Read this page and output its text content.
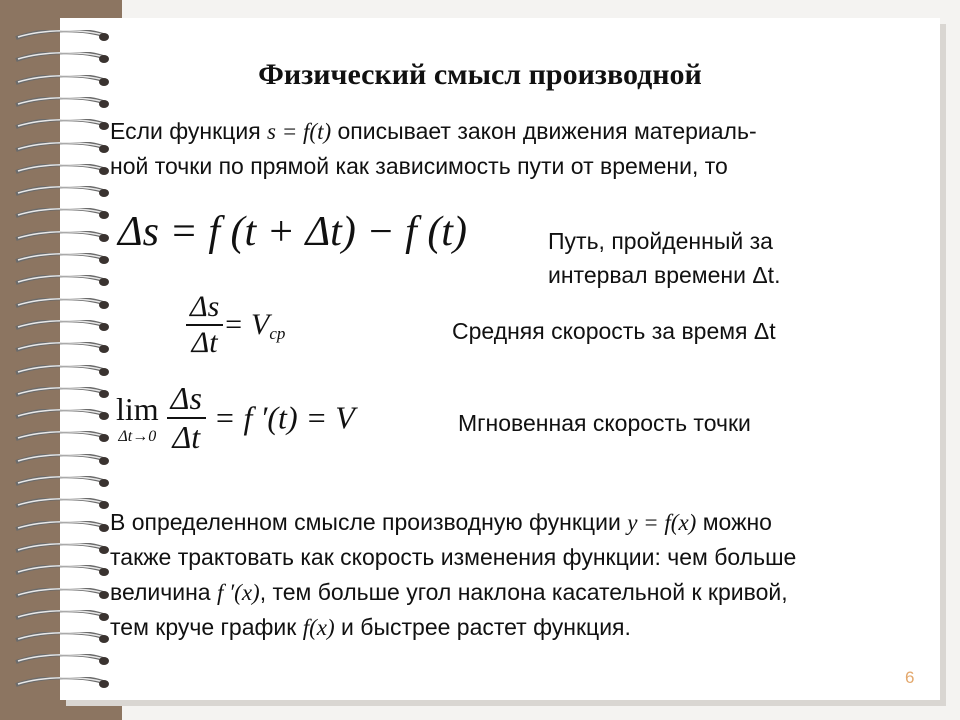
Физический смысл производной
Если функция s = f(t) описывает закон движения материаль-
ной точки по прямой как зависимость пути от времени, то
Δs = f (t + Δt) − f (t)	Путь, пройденный за
интервал времени Δt.
$\frac{\Delta s}{\Delta t} = V_{ср}$	Средняя скорость за время Δt
lim
Δt→0
$\frac{\Delta s}{\Delta t} = f$ ′(t) = V	Мгновенная скорость точки
В определенном смысле производную функции y = f(x) можно
также трактовать как скорость изменения функции: чем больше
величина f ′(x), тем больше угол наклона касательной к кривой,
тем круче график f(x) и быстрее растет функция.
6
